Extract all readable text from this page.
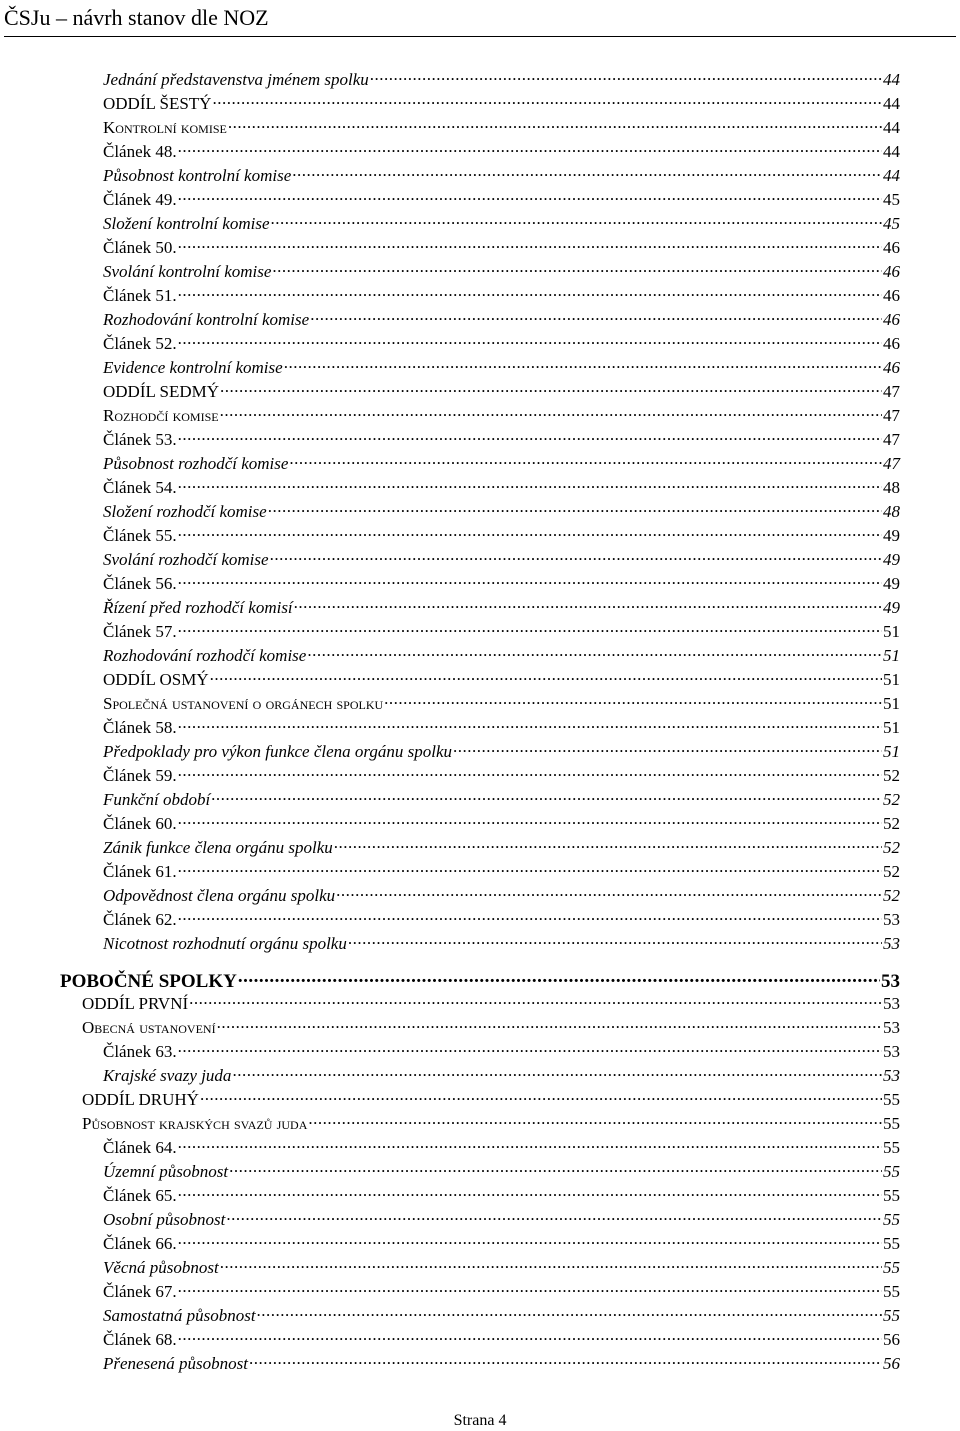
ČSJu – návrh stanov dle NOZ
Jednání představenstva jménem spolku .....	44
ODDÍL ŠESTÝ .....	44
Kontrolní komise .....	44
Článek 48. .....	44
Působnost kontrolní komise .....	44
Článek 49. .....	45
Složení kontrolní komise .....	45
Článek 50. .....	46
Svolání kontrolní komise .....	46
Článek 51. .....	46
Rozhodování kontrolní komise .....	46
Článek 52. .....	46
Evidence kontrolní komise .....	46
ODDÍL SEDMÝ .....	47
Rozhodčí komise .....	47
Článek 53. .....	47
Působnost rozhodčí komise .....	47
Článek 54. .....	48
Složení rozhodčí komise .....	48
Článek 55. .....	49
Svolání rozhodčí komise .....	49
Článek 56. .....	49
Řízení před rozhodčí komisí .....	49
Článek 57. .....	51
Rozhodování rozhodčí komise .....	51
ODDÍL OSMÝ .....	51
Společná ustanovení o orgánech spolku .....	51
Článek 58. .....	51
Předpoklady pro výkon funkce člena orgánu spolku .....	51
Článek 59. .....	52
Funkční období .....	52
Článek 60. .....	52
Zánik funkce člena orgánu spolku .....	52
Článek 61. .....	52
Odpovědnost člena orgánu spolku .....	52
Článek 62. .....	53
Nicotnost rozhodnutí orgánu spolku .....	53
POBOČNÉ SPOLKY .....	53
ODDÍL PRVNÍ .....	53
Obecná ustanovení .....	53
Článek 63. .....	53
Krajské svazy juda .....	53
ODDÍL DRUHÝ .....	55
Působnost krajských svazů juda .....	55
Článek 64. .....	55
Územní působnost .....	55
Článek 65. .....	55
Osobní působnost .....	55
Článek 66. .....	55
Věcná působnost .....	55
Článek 67. .....	55
Samostatná působnost .....	55
Článek 68. .....	56
Přenesená působnost .....	56
Strana 4
